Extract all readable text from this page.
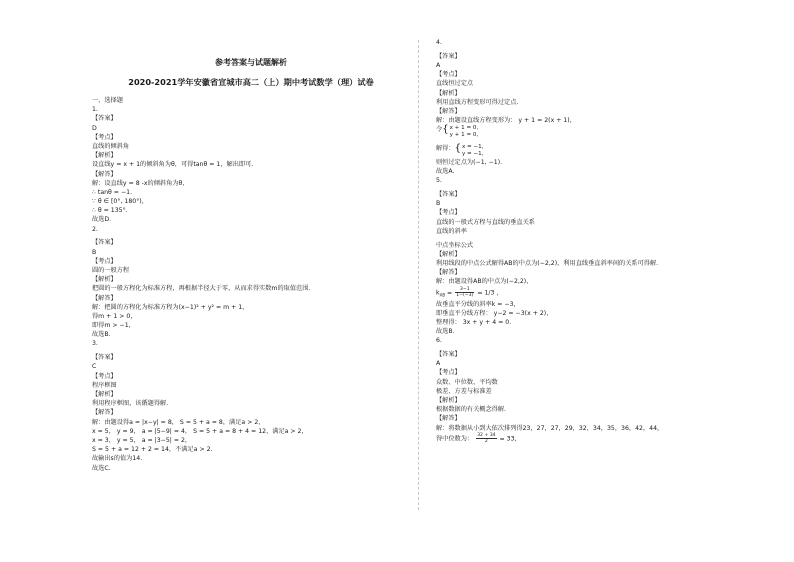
参考答案与试题解析
2020-2021学年安徽省宣城市高二（上）期中考试数学（理）试卷
一、选择题
1.
【答案】
D
【考点】
直线的倾斜角
【解析】
设直线y = x + 1的倾斜角为θ，可得tanθ = 1，解出即可.
【解答】
解：设直线y = 8 -x的倾斜角为θ，
∴ tanθ = −1.
∵ θ ∈ [0°, 180°)，
∴ θ = 135°.
故选D.
2.
【答案】
B
【考点】
圆的一般方程
【解析】
把圆的一般方程化为标准方程，再根据半径大于零，从而求得实数m的取值范围.
【解答】
解：把圆的方程化为标准方程为(x−1)² + y² = m + 1，
得m + 1 > 0，
即得m > −1，
故选B.
3.
【答案】
C
【考点】
程序框图
【解析】
利用程序框图，该循题得解.
【解答】
解：由题设得a = |x−y| = 8， S = 5 + a = 8，满足a > 2，
x = 5， y = 9， a = |5−9| = 4， S = 5 + a = 8 + 4 = 12，满足a > 2，
x = 3， y = 5， a = |3−5| = 2，
S = 5 + a = 12 + 2 = 14，不满足a > 2.
故输出s的值为14.
故选C.
4.
【答案】
A
【考点】
直线恒过定点
【解析】
利用直线方程变形可得过定点.
【解答】
解：由题设直线方程变形为： y + 1 = 2(x + 1)，
令{ x + 1 = 0,
y + 1 = 0,
解得：{ x = −1,
y = −1,
则恒过定点为(−1, −1).
故选A.
5.
【答案】
B
【考点】
直线的一般式方程与直线的垂直关系
直线的斜率
中点坐标公式
【解析】
利用线段的中点公式解得AB的中点为(−2,2)，利用直线垂直斜率间的关系可得解.
【解答】
解：由题设得AB的中点为(−2,2)，
$k_{AB} = \frac{3-1}{1-(-3)} = 1/3$ ，
故垂直平分线的斜率k = −3，
即垂直平分线方程： y−2 = −3(x + 2)，
整理得： 3x + y + 4 = 0.
故选B.
6.
【答案】
A
【考点】
众数、中位数、平均数
极差、方差与标准差
【解析】
根据数据的有关概念得解.
【解答】
解：将数据从小到大依次排列得23，27，27，29，32，34，35，36，42，44，
得中位数为： $\frac{32 + 34}{2} = 33$，
